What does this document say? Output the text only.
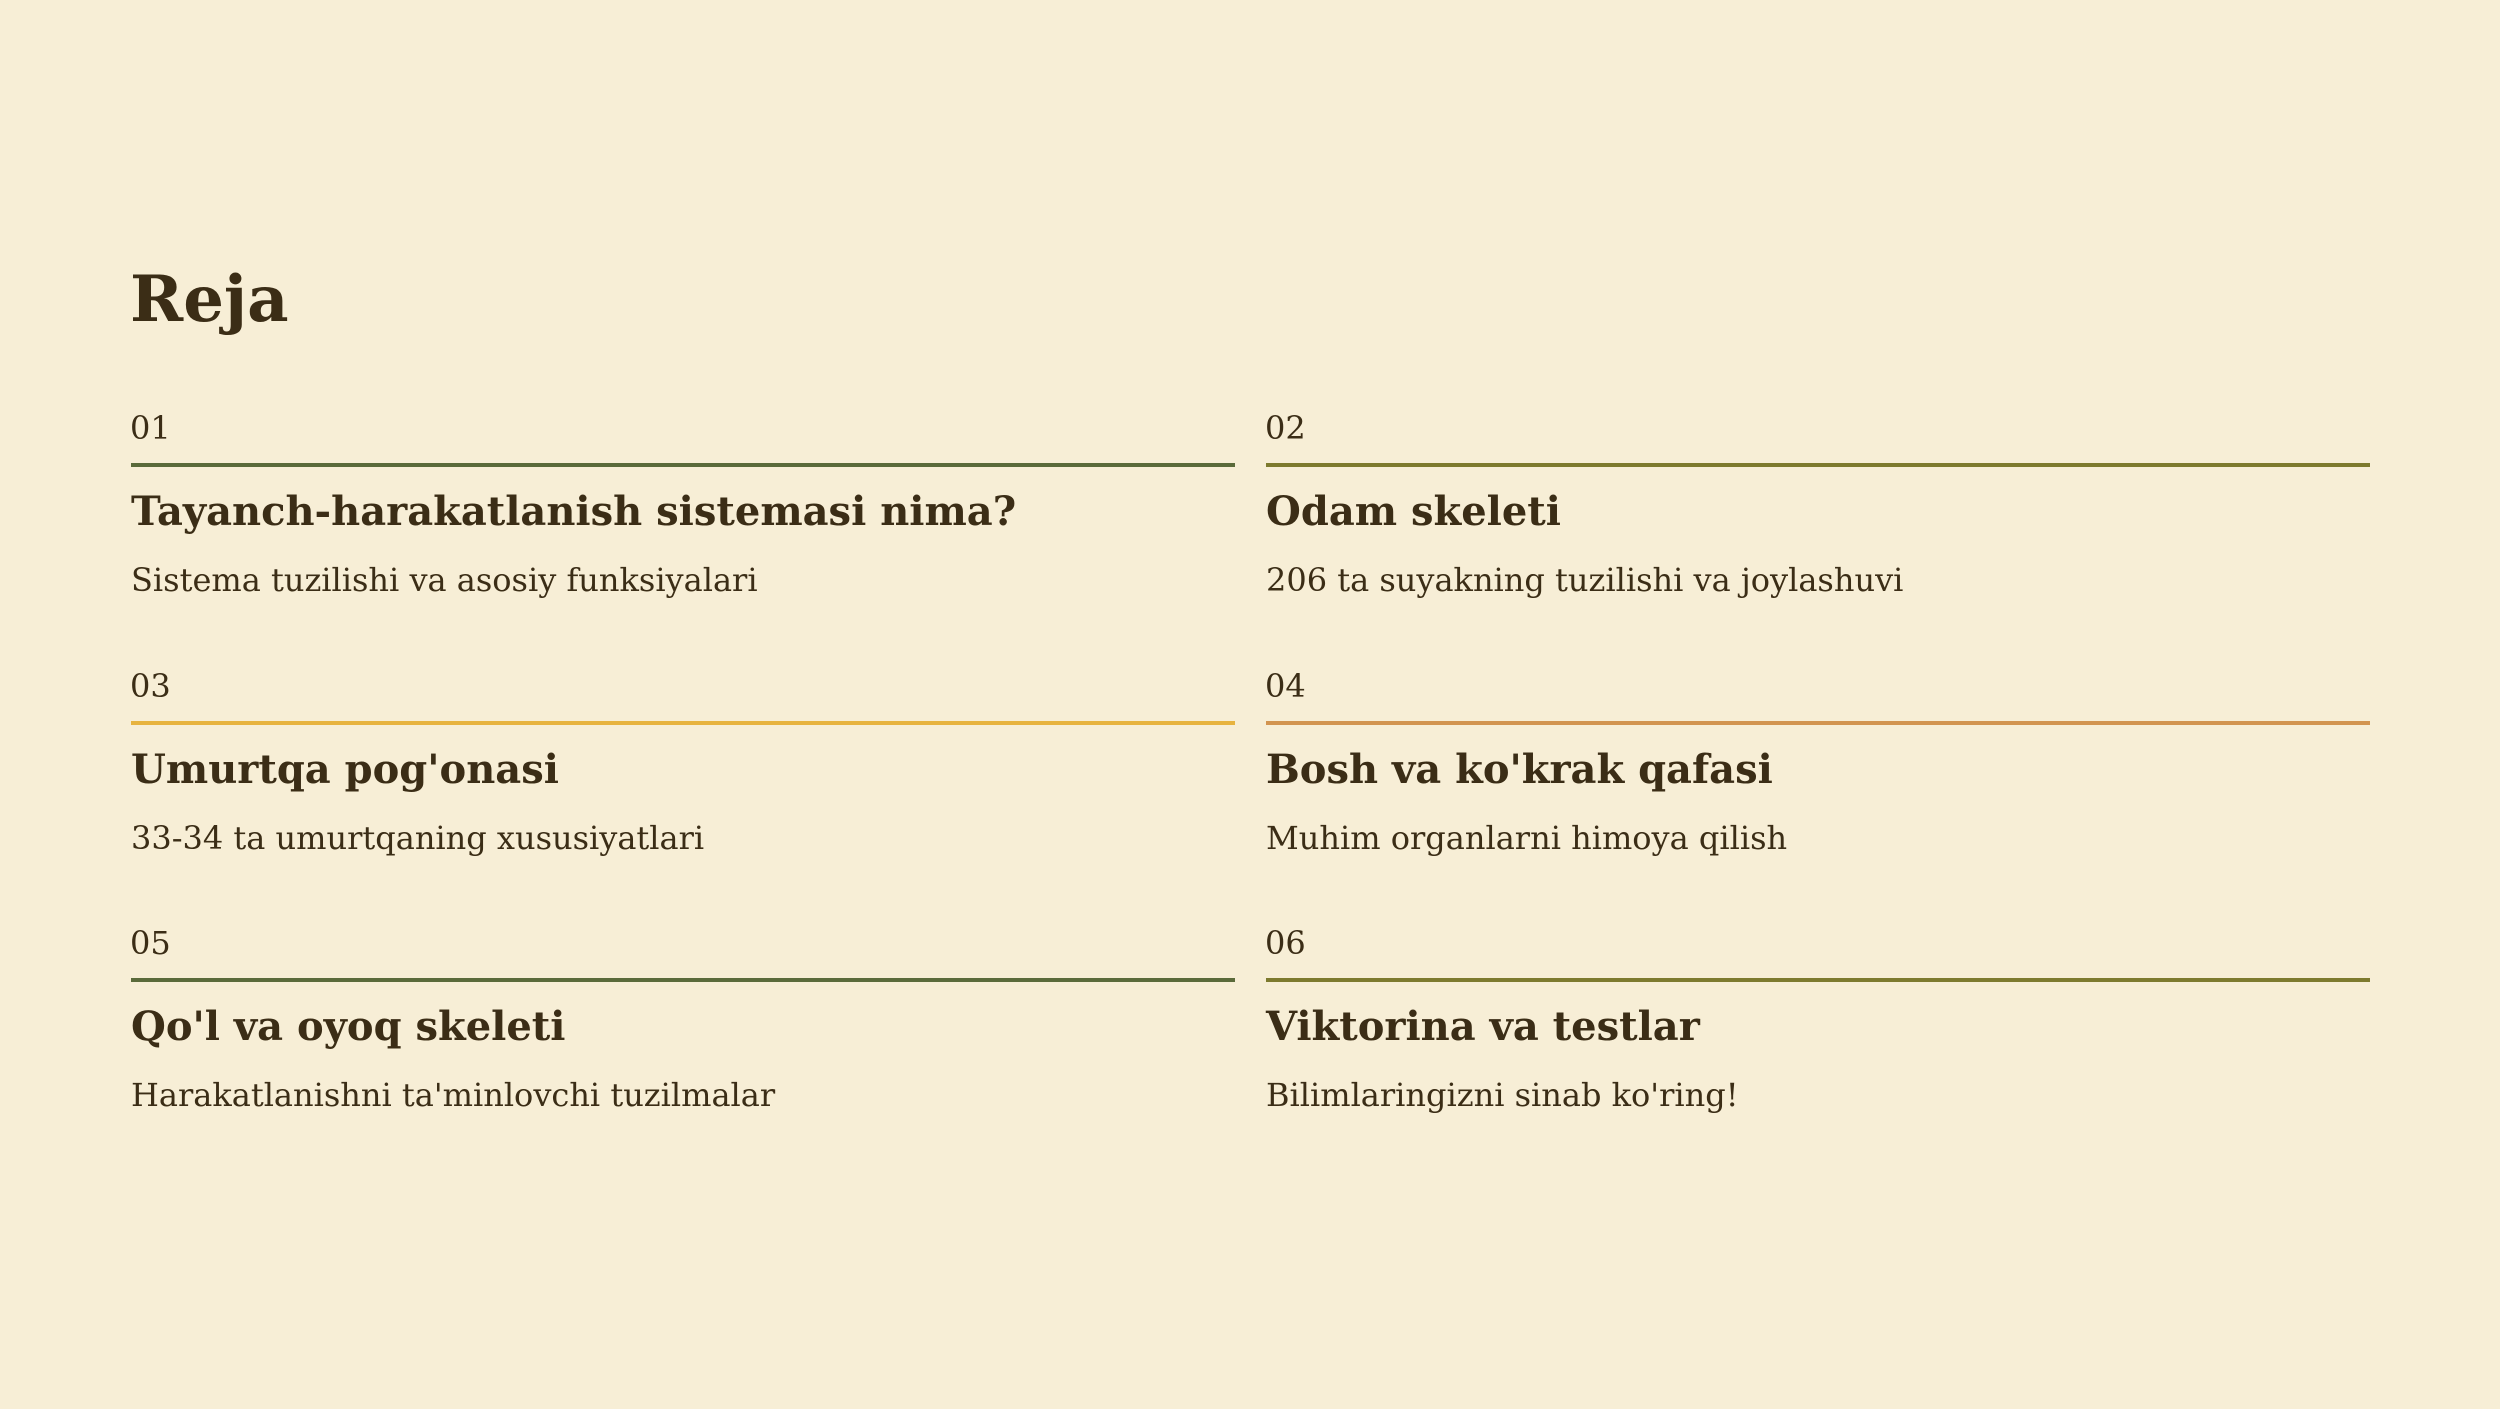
Reja
01
Tayanch-harakatlanish sistemasi nima?
Sistema tuzilishi va asosiy funksiyalari
02
Odam skeleti
206 ta suyakning tuzilishi va joylashuvi
03
Umurtqa pog'onasi
33-34 ta umurtqaning xususiyatlari
04
Bosh va ko'krak qafasi
Muhim organlarni himoya qilish
05
Qo'l va oyoq skeleti
Harakatlanishni ta'minlovchi tuzilmalar
06
Viktorina va testlar
Bilimlaringizni sinab ko'ring!
